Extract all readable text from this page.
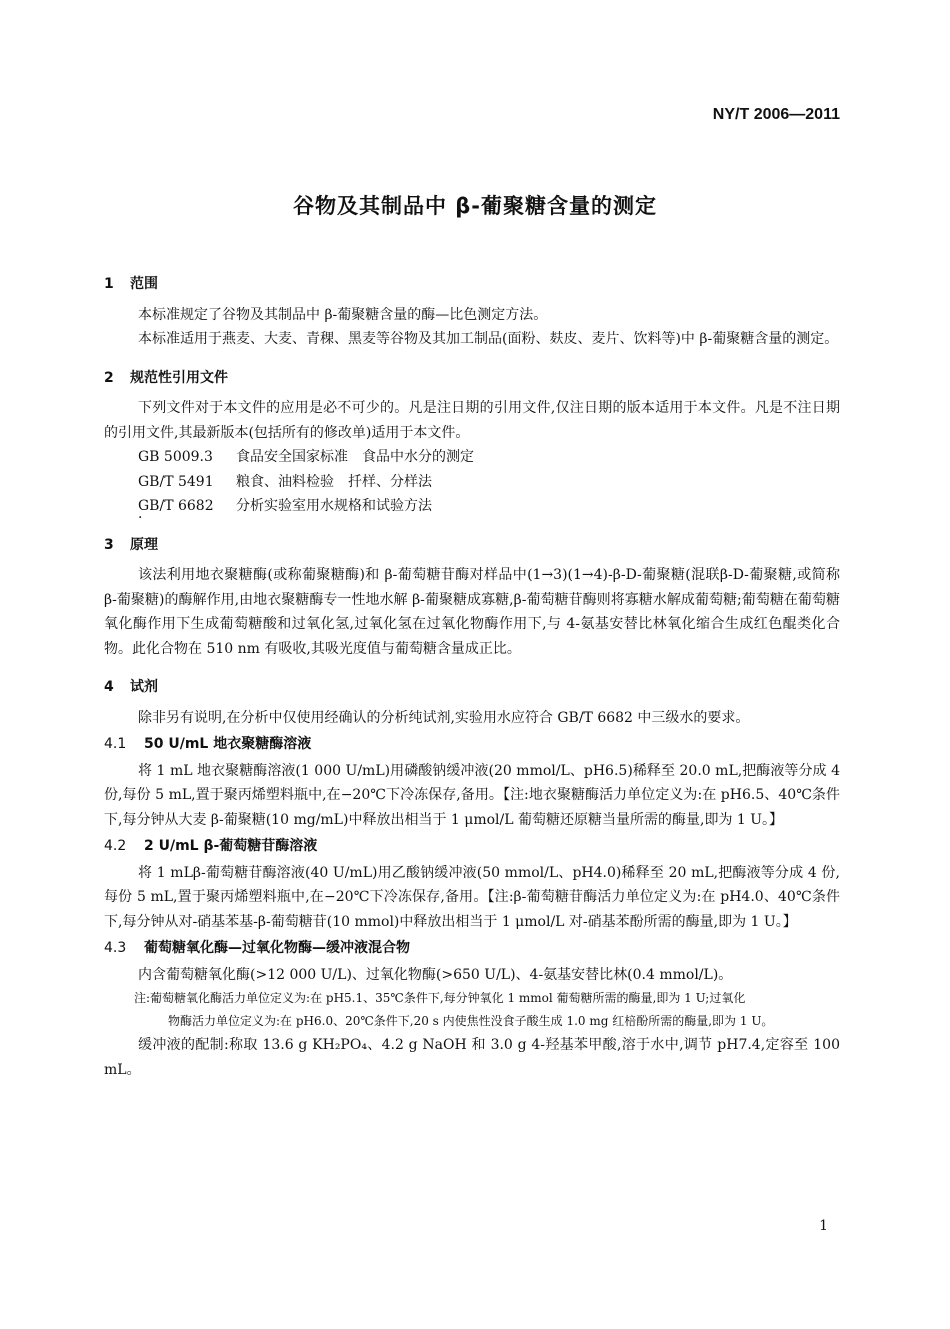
NY/T 2006—2011
谷物及其制品中 β-葡聚糖含量的测定
1 范围

本标准规定了谷物及其制品中 β-葡聚糖含量的酶—比色测定方法。

本标准适用于燕麦、大麦、青稞、黑麦等谷物及其加工制品(面粉、麸皮、麦片、饮料等)中 β-葡聚糖含量的测定。

2 规范性引用文件

下列文件对于本文件的应用是必不可少的。凡是注日期的引用文件,仅注日期的版本适用于本文件。凡是不注日期的引用文件,其最新版本(包括所有的修改单)适用于本文件。

GB 5009.3 食品安全国家标准　食品中水分的测定
GB/T 5491 粮食、油料检验　扦样、分样法
GB/T 6682 分析实验室用水规格和试验方法
·
3 原理

该法利用地衣聚糖酶(或称葡聚糖酶)和 β-葡萄糖苷酶对样品中(1→3)(1→4)-β-D-葡聚糖(混联β-D-葡聚糖,或简称 β-葡聚糖)的酶解作用,由地衣聚糖酶专一性地水解 β-葡聚糖成寡糖,β-葡萄糖苷酶则将寡糖水解成葡萄糖;葡萄糖在葡萄糖氧化酶作用下生成葡萄糖酸和过氧化氢,过氧化氢在过氧化物酶作用下,与 4-氨基安替比林氧化缩合生成红色醌类化合物。此化合物在 510 nm 有吸收,其吸光度值与葡萄糖含量成正比。

4 试剂

除非另有说明,在分析中仅使用经确认的分析纯试剂,实验用水应符合 GB/T 6682 中三级水的要求。

4.1 50 U/mL 地衣聚糖酶溶液

将 1 mL 地衣聚糖酶溶液(1 000 U/mL)用磷酸钠缓冲液(20 mmol/L、pH6.5)稀释至 20.0 mL,把酶液等分成 4 份,每份 5 mL,置于聚丙烯塑料瓶中,在−20℃下冷冻保存,备用。【注:地衣聚糖酶活力单位定义为:在 pH6.5、40℃条件下,每分钟从大麦 β-葡聚糖(10 mg/mL)中释放出相当于 1 μmol/L 葡萄糖还原糖当量所需的酶量,即为 1 U。】

4.2 2 U/mL β-葡萄糖苷酶溶液

将 1 mLβ-葡萄糖苷酶溶液(40 U/mL)用乙酸钠缓冲液(50 mmol/L、pH4.0)稀释至 20 mL,把酶液等分成 4 份,每份 5 mL,置于聚丙烯塑料瓶中,在−20℃下冷冻保存,备用。【注:β-葡萄糖苷酶活力单位定义为:在 pH4.0、40℃条件下,每分钟从对-硝基苯基-β-葡萄糖苷(10 mmol)中释放出相当于 1 μmol/L 对-硝基苯酚所需的酶量,即为 1 U。】

4.3 葡萄糖氧化酶—过氧化物酶—缓冲液混合物

内含葡萄糖氧化酶(>12 000 U/L)、过氧化物酶(>650 U/L)、4-氨基安替比林(0.4 mmol/L)。

注:葡萄糖氧化酶活力单位定义为:在 pH5.1、35℃条件下,每分钟氧化 1 mmol 葡萄糖所需的酶量,即为 1 U;过氧化
物酶活力单位定义为:在 pH6.0、20℃条件下,20 s 内使焦性没食子酸生成 1.0 mg 红棓酚所需的酶量,即为 1 U。

缓冲液的配制:称取 13.6 g KH₂PO₄、4.2 g NaOH 和 3.0 g 4-羟基苯甲酸,溶于水中,调节 pH7.4,定容至 100 mL。

1
